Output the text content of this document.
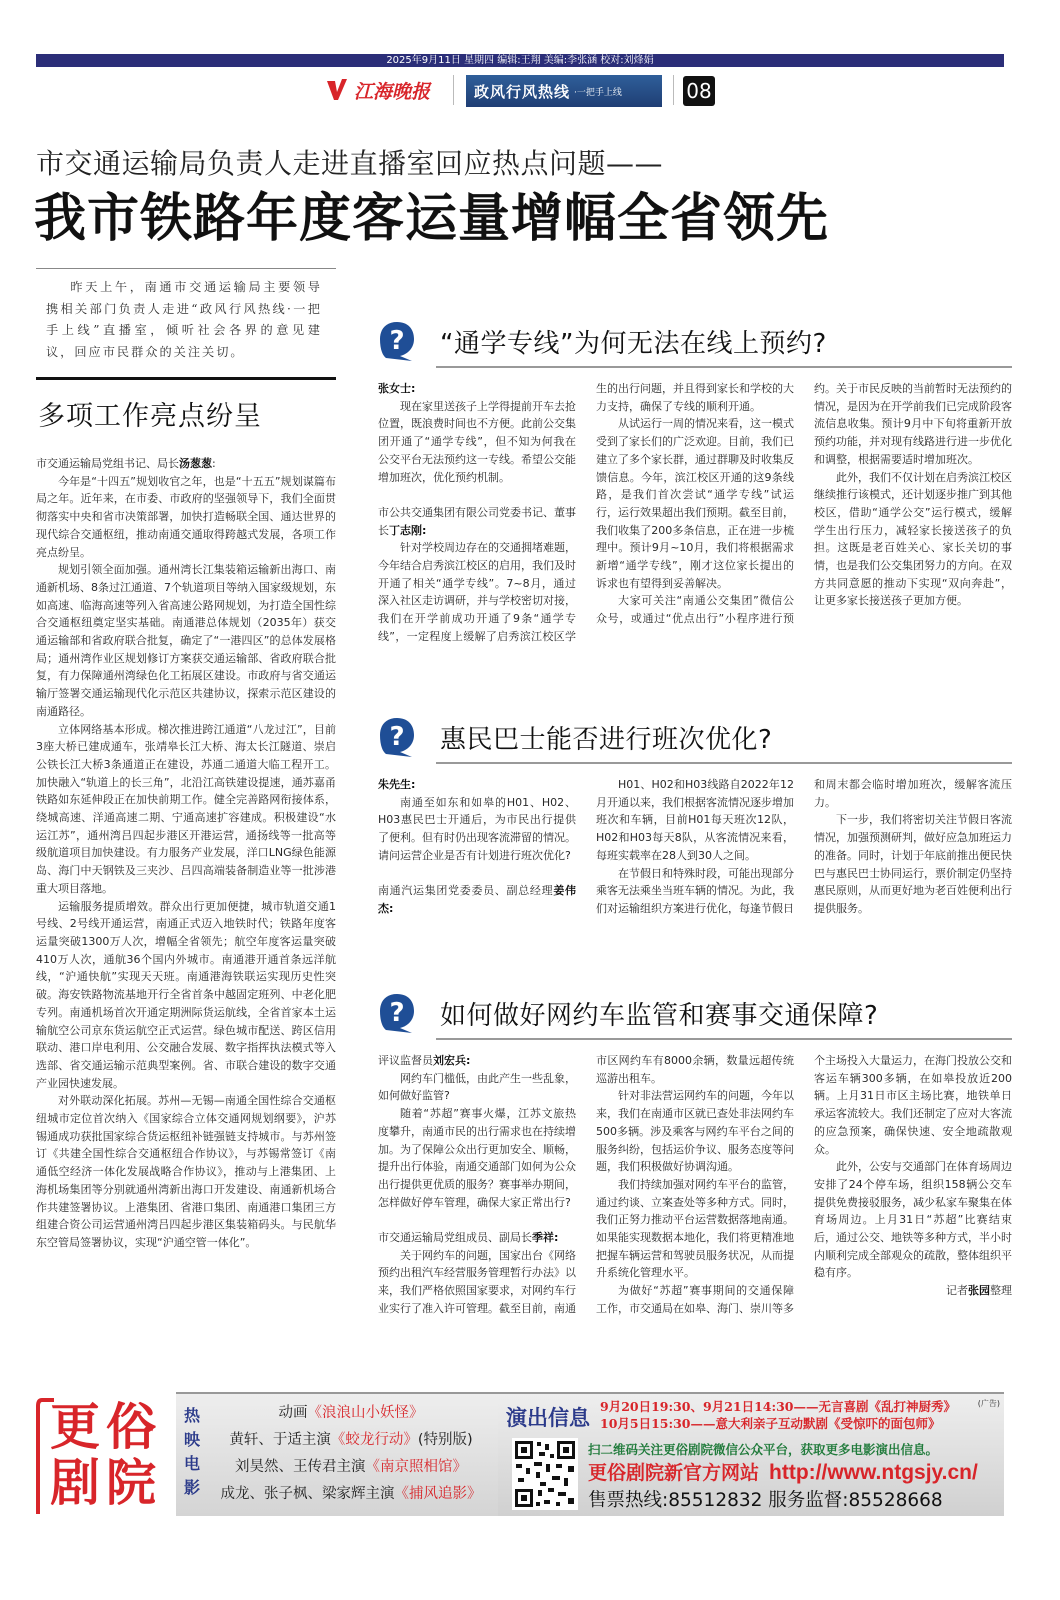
2025年9月11日 星期四 编辑:王翔 美编:李张涵 校对:刘烽娟
江海晚报	政风行风热线 ·一把手上线	08
市交通运输局负责人走进直播室回应热点问题——
我市铁路年度客运量增幅全省领先

昨天上午，南通市交通运输局主要领导携相关部门负责人走进“政风行风热线·一把手上线”直播室，倾听社会各界的意见建议，回应市民群众的关注关切。

多项工作亮点纷呈

市交通运输局党组书记、局长汤葱葱:

今年是“十四五”规划收官之年，也是“十五五”规划谋篇布局之年。近年来，在市委、市政府的坚强领导下，我们全面贯彻落实中央和省市决策部署，加快打造畅联全国、通达世界的现代综合交通枢纽，推动南通交通取得跨越式发展，各项工作亮点纷呈。

规划引领全面加强。通州湾长江集装箱运输新出海口、南通新机场、8条过江通道、7个轨道项目等纳入国家级规划，东如高速、临海高速等列入省高速公路网规划，为打造全国性综合交通枢纽奠定坚实基础。南通港总体规划（2035年）获交通运输部和省政府联合批复，确定了“一港四区”的总体发展格局；通州湾作业区规划修订方案获交通运输部、省政府联合批复，有力保障通州湾绿色化工拓展区建设。市政府与省交通运输厅签署交通运输现代化示范区共建协议，探索示范区建设的南通路径。

立体网络基本形成。梯次推进跨江通道“八龙过江”，目前3座大桥已建成通车，张靖皋长江大桥、海太长江隧道、崇启公铁长江大桥3条通道正在建设，苏通二通道大临工程开工。加快融入“轨道上的长三角”，北沿江高铁建设提速，通苏嘉甬铁路如东延伸段正在加快前期工作。健全完善路网衔接体系，绕城高速、洋通高速二期、宁通高速扩容建成。积极建设“水运江苏”，通州湾吕四起步港区开港运营，通扬线等一批高等级航道项目加快建设。有力服务产业发展，洋口LNG绿色能源岛、海门中天钢铁及三夹沙、吕四高端装备制造业等一批涉港重大项目落地。

运输服务提质增效。群众出行更加便捷，城市轨道交通1号线、2号线开通运营，南通正式迈入地铁时代；铁路年度客运量突破1300万人次，增幅全省领先；航空年度客运量突破410万人次，通航36个国内外城市。南通港开通首条远洋航线，“沪通快航”实现天天班。南通港海铁联运实现历史性突破。海安铁路物流基地开行全省首条中越固定班列、中老化肥专列。南通机场首次开通定期洲际货运航线，全省首家本土运输航空公司京东货运航空正式运营。绿色城市配送、跨区信用联动、港口岸电利用、公交融合发展、数字指挥执法模式等入选部、省交通运输示范典型案例。省、市联合建设的数字交通产业园快速发展。

对外联动深化拓展。苏州—无锡—南通全国性综合交通枢纽城市定位首次纳入《国家综合立体交通网规划纲要》，沪苏锡通成功获批国家综合货运枢纽补链强链支持城市。与苏州签订《共建全国性综合交通枢纽合作协议》，与苏锡常签订《南通低空经济一体化发展战略合作协议》，推动与上港集团、上海机场集团等分别就通州湾新出海口开发建设、南通新机场合作共建签署协议。上港集团、省港口集团、南通港口集团三方组建合资公司运营通州湾吕四起步港区集装箱码头。与民航华东空管局签署协议，实现“沪通空管一体化”。

? “通学专线”为何无法在线上预约?

张女士:

现在家里送孩子上学得提前开车去抢位置，既浪费时间也不方便。此前公交集团开通了“通学专线”，但不知为何我在公交平台无法预约这一专线。希望公交能增加班次，优化预约机制。

市公共交通集团有限公司党委书记、董事长丁志刚:

针对学校周边存在的交通拥堵难题，今年结合启秀滨江校区的启用，我们及时开通了相关“通学专线”。7~8月，通过深入社区走访调研，并与学校密切对接，我们在开学前成功开通了9条“通学专线”，一定程度上缓解了启秀滨江校区学生的出行问题，并且得到家长和学校的大力支持，确保了专线的顺利开通。

从试运行一周的情况来看，这一模式受到了家长们的广泛欢迎。目前，我们已建立了多个家长群，通过群聊及时收集反馈信息。今年，滨江校区开通的这9条线路，是我们首次尝试“通学专线”试运行，运行效果超出我们预期。截至目前，我们收集了200多条信息，正在进一步梳理中。预计9月~10月，我们将根据需求新增“通学专线”，刚才这位家长提出的诉求也有望得到妥善解决。

大家可关注“南通公交集团”微信公众号，或通过“优点出行”小程序进行预约。关于市民反映的当前暂时无法预约的情况，是因为在开学前我们已完成阶段客流信息收集。预计9月中下旬将重新开放预约功能，并对现有线路进行进一步优化和调整，根据需要适时增加班次。

此外，我们不仅计划在启秀滨江校区继续推行该模式，还计划逐步推广到其他校区，借助“通学公交”运行模式，缓解学生出行压力，减轻家长接送孩子的负担。这既是老百姓关心、家长关切的事情，也是我们公交集团努力的方向。在双方共同意愿的推动下实现“双向奔赴”，让更多家长接送孩子更加方便。

? 惠民巴士能否进行班次优化?

朱先生:

南通至如东和如皋的H01、H02、H03惠民巴士开通后，为市民出行提供了便利。但有时仍出现客流滞留的情况。请问运营企业是否有计划进行班次优化?

南通汽运集团党委委员、副总经理姜伟杰:

H01、H02和H03线路自2022年12月开通以来，我们根据客流情况逐步增加班次和车辆，目前H01每天班次12队，H02和H03每天8队，从客流情况来看，每班实载率在28人到30人之间。

在节假日和特殊时段，可能出现部分乘客无法乘坐当班车辆的情况。为此，我们对运输组织方案进行优化，每逢节假日和周末都会临时增加班次，缓解客流压力。

下一步，我们将密切关注节假日客流情况，加强预测研判，做好应急加班运力的准备。同时，计划于年底前推出便民快巴与惠民巴士协同运行，票价制定仍坚持惠民原则，从而更好地为老百姓便利出行提供服务。

? 如何做好网约车监管和赛事交通保障?

评议监督员刘宏兵:

网约车门槛低，由此产生一些乱象，如何做好监管?

随着“苏超”赛事火爆，江苏文旅热度攀升，南通市民的出行需求也在持续增加。为了保障公众出行更加安全、顺畅，提升出行体验，南通交通部门如何为公众出行提供更优质的服务？赛事举办期间，怎样做好停车管理，确保大家正常出行?

市交通运输局党组成员、副局长季祥:

关于网约车的问题，国家出台《网络预约出租汽车经营服务管理暂行办法》以来，我们严格依照国家要求，对网约车行业实行了准入许可管理。截至目前，南通市区网约车有8000余辆，数量远超传统巡游出租车。

针对非法营运网约车的问题，今年以来，我们在南通市区就已查处非法网约车500多辆。涉及乘客与网约车平台之间的服务纠纷，包括运价争议、服务态度等问题，我们积极做好协调沟通。

我们持续加强对网约车平台的监管，通过约谈、立案查处等多种方式。同时，我们正努力推动平台运营数据落地南通。如果能实现数据本地化，我们将更精准地把握车辆运营和驾驶员服务状况，从而提升系统化管理水平。

为做好“苏超”赛事期间的交通保障工作，市交通局在如皋、海门、崇川等多个主场投入大量运力，在海门投放公交和客运车辆300多辆，在如皋投放近200辆。上月31日市区主场比赛，地铁单日承运客流较大。我们还制定了应对大客流的应急预案，确保快速、安全地疏散观众。

此外，公安与交通部门在体育场周边安排了24个停车场，组织158辆公交车提供免费接驳服务，减少私家车聚集在体育场周边。上月31日“苏超”比赛结束后，通过公交、地铁等多种方式，半小时内顺利完成全部观众的疏散，整体组织平稳有序。

记者张园整理

更 俗
剧 院
热
映
电
影
动画《浪浪山小妖怪》
黄轩、于适主演《蛟龙行动》(特别版)
刘昊然、王传君主演《南京照相馆》
成龙、张子枫、梁家辉主演《捕风追影》
演出信息 9月20日19:30、9月21日14:30——无言喜剧《乱打神厨秀》
10月5日15:30——意大利亲子互动默剧《受惊吓的面包师》
(广告)
扫二维码关注更俗剧院微信公众平台，获取更多电影演出信息。
更俗剧院新官方网站 http://www.ntgsjy.cn/
售票热线:85512832 服务监督:85528668
